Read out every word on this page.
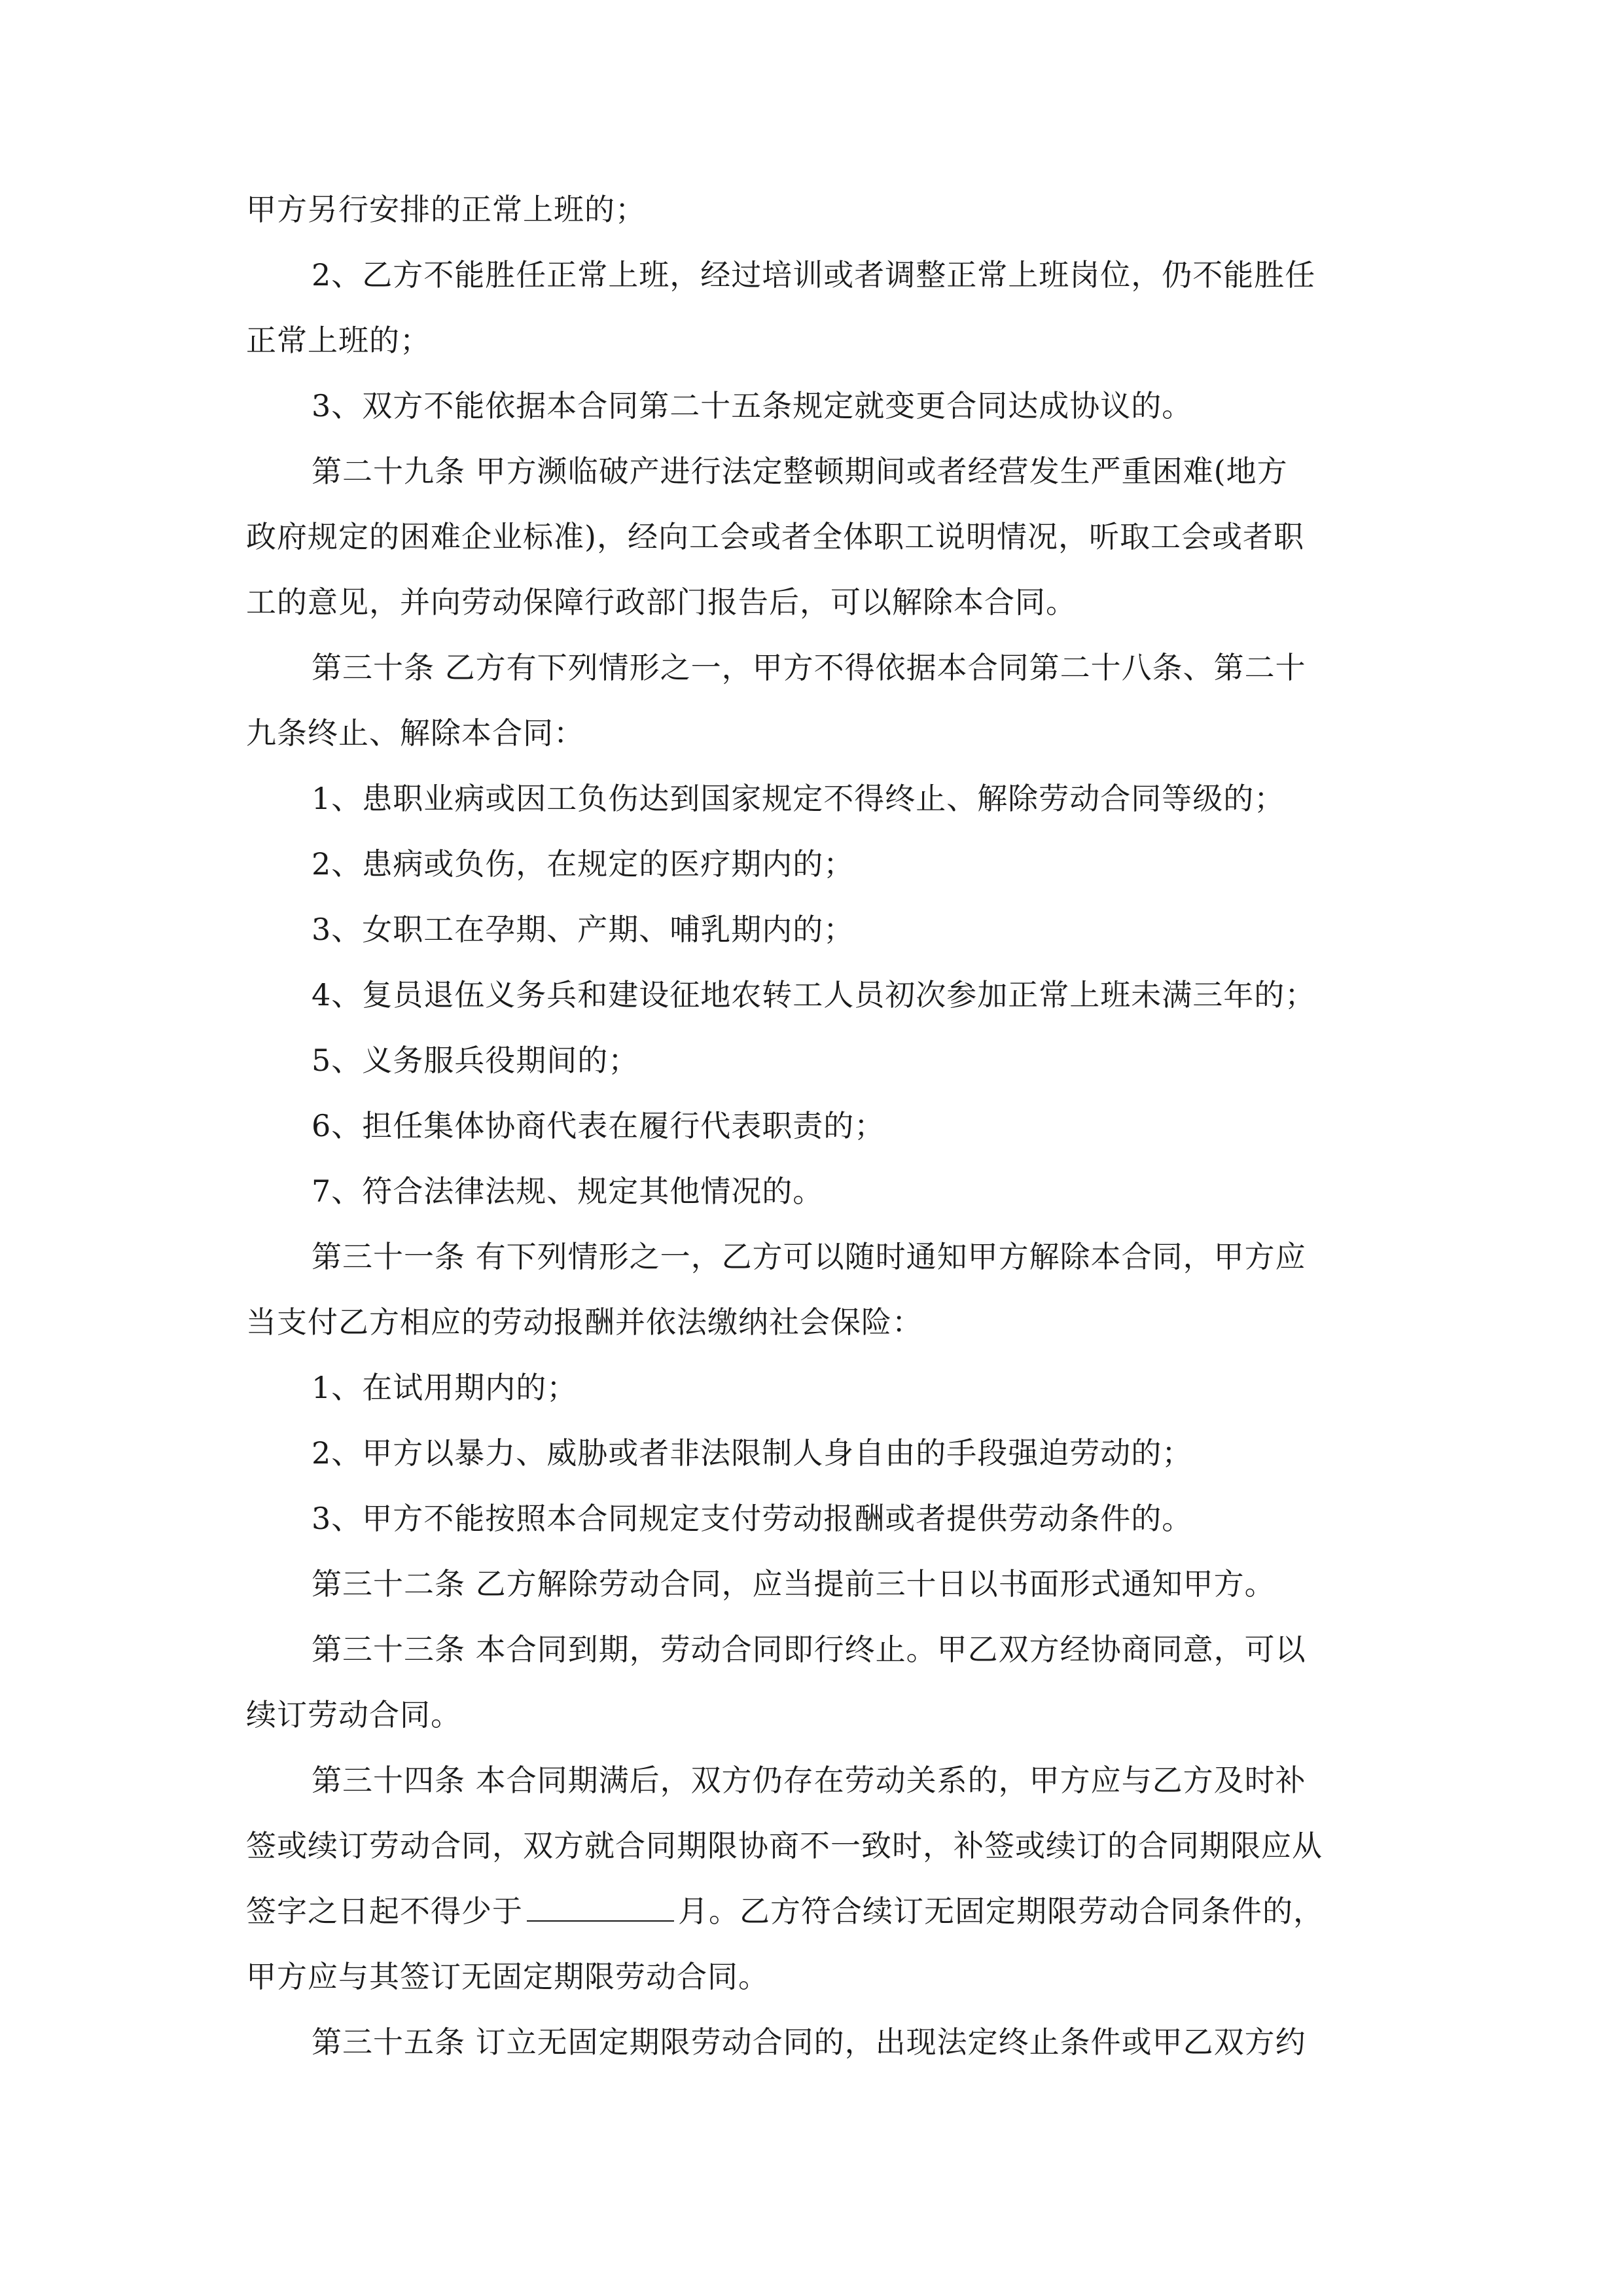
甲方另行安排的正常上班的；
2、乙方不能胜任正常上班，经过培训或者调整正常上班岗位，仍不能胜任
正常上班的；
3、双方不能依据本合同第二十五条规定就变更合同达成协议的。
第二十九条 甲方濒临破产进行法定整顿期间或者经营发生严重困难(地方
政府规定的困难企业标准)，经向工会或者全体职工说明情况，听取工会或者职
工的意见，并向劳动保障行政部门报告后，可以解除本合同。
第三十条 乙方有下列情形之一，甲方不得依据本合同第二十八条、第二十
九条终止、解除本合同：
1、患职业病或因工负伤达到国家规定不得终止、解除劳动合同等级的；
2、患病或负伤，在规定的医疗期内的；
3、女职工在孕期、产期、哺乳期内的；
4、复员退伍义务兵和建设征地农转工人员初次参加正常上班未满三年的；
5、义务服兵役期间的；
6、担任集体协商代表在履行代表职责的；
7、符合法律法规、规定其他情况的。
第三十一条 有下列情形之一，乙方可以随时通知甲方解除本合同，甲方应
当支付乙方相应的劳动报酬并依法缴纳社会保险：
1、在试用期内的；
2、甲方以暴力、威胁或者非法限制人身自由的手段强迫劳动的；
3、甲方不能按照本合同规定支付劳动报酬或者提供劳动条件的。
第三十二条 乙方解除劳动合同，应当提前三十日以书面形式通知甲方。
第三十三条 本合同到期，劳动合同即行终止。甲乙双方经协商同意，可以
续订劳动合同。
第三十四条 本合同期满后，双方仍存在劳动关系的，甲方应与乙方及时补
签或续订劳动合同，双方就合同期限协商不一致时，补签或续订的合同期限应从
签字之日起不得少于	月。乙方符合续订无固定期限劳动合同条件的，
甲方应与其签订无固定期限劳动合同。
第三十五条 订立无固定期限劳动合同的，出现法定终止条件或甲乙双方约
